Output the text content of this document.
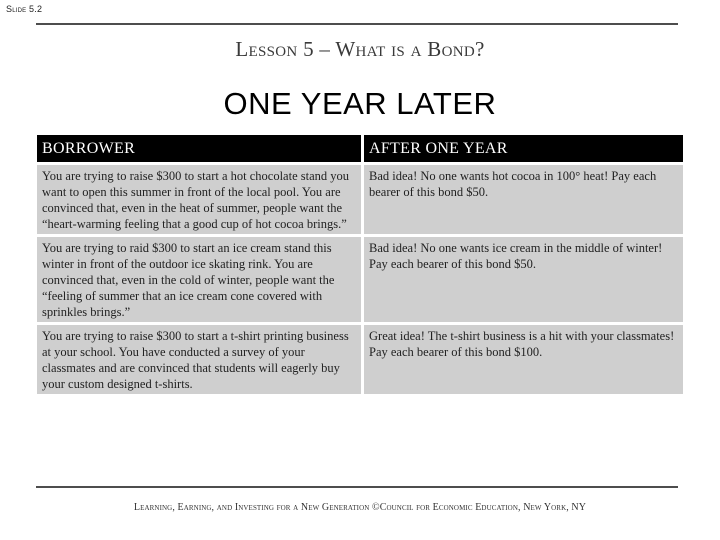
Slide 5.2
Lesson 5 – What is a Bond?
ONE YEAR LATER
BORROWER	AFTER ONE YEAR
You are trying to raise $300 to start a hot chocolate stand you want to open this summer in front of the local pool. You are convinced that, even in the heat of summer, people want the “heart-warming feeling that a good cup of hot cocoa brings.”	Bad idea! No one wants hot cocoa in 100° heat! Pay each bearer of this bond $50.
You are trying to raid $300 to start an ice cream stand this winter in front of the outdoor ice skating rink. You are convinced that, even in the cold of winter, people want the “feeling of summer that an ice cream cone covered with sprinkles brings.”	Bad idea! No one wants ice cream in the middle of winter! Pay each bearer of this bond $50.
You are trying to raise $300 to start a t-shirt printing business at your school. You have conducted a survey of your classmates and are convinced that students will eagerly buy your custom designed t-shirts.	Great idea! The t-shirt business is a hit with your classmates! Pay each bearer of this bond $100.
Learning, Earning, and Investing for a New Generation ©Council for Economic Education, New York, NY
